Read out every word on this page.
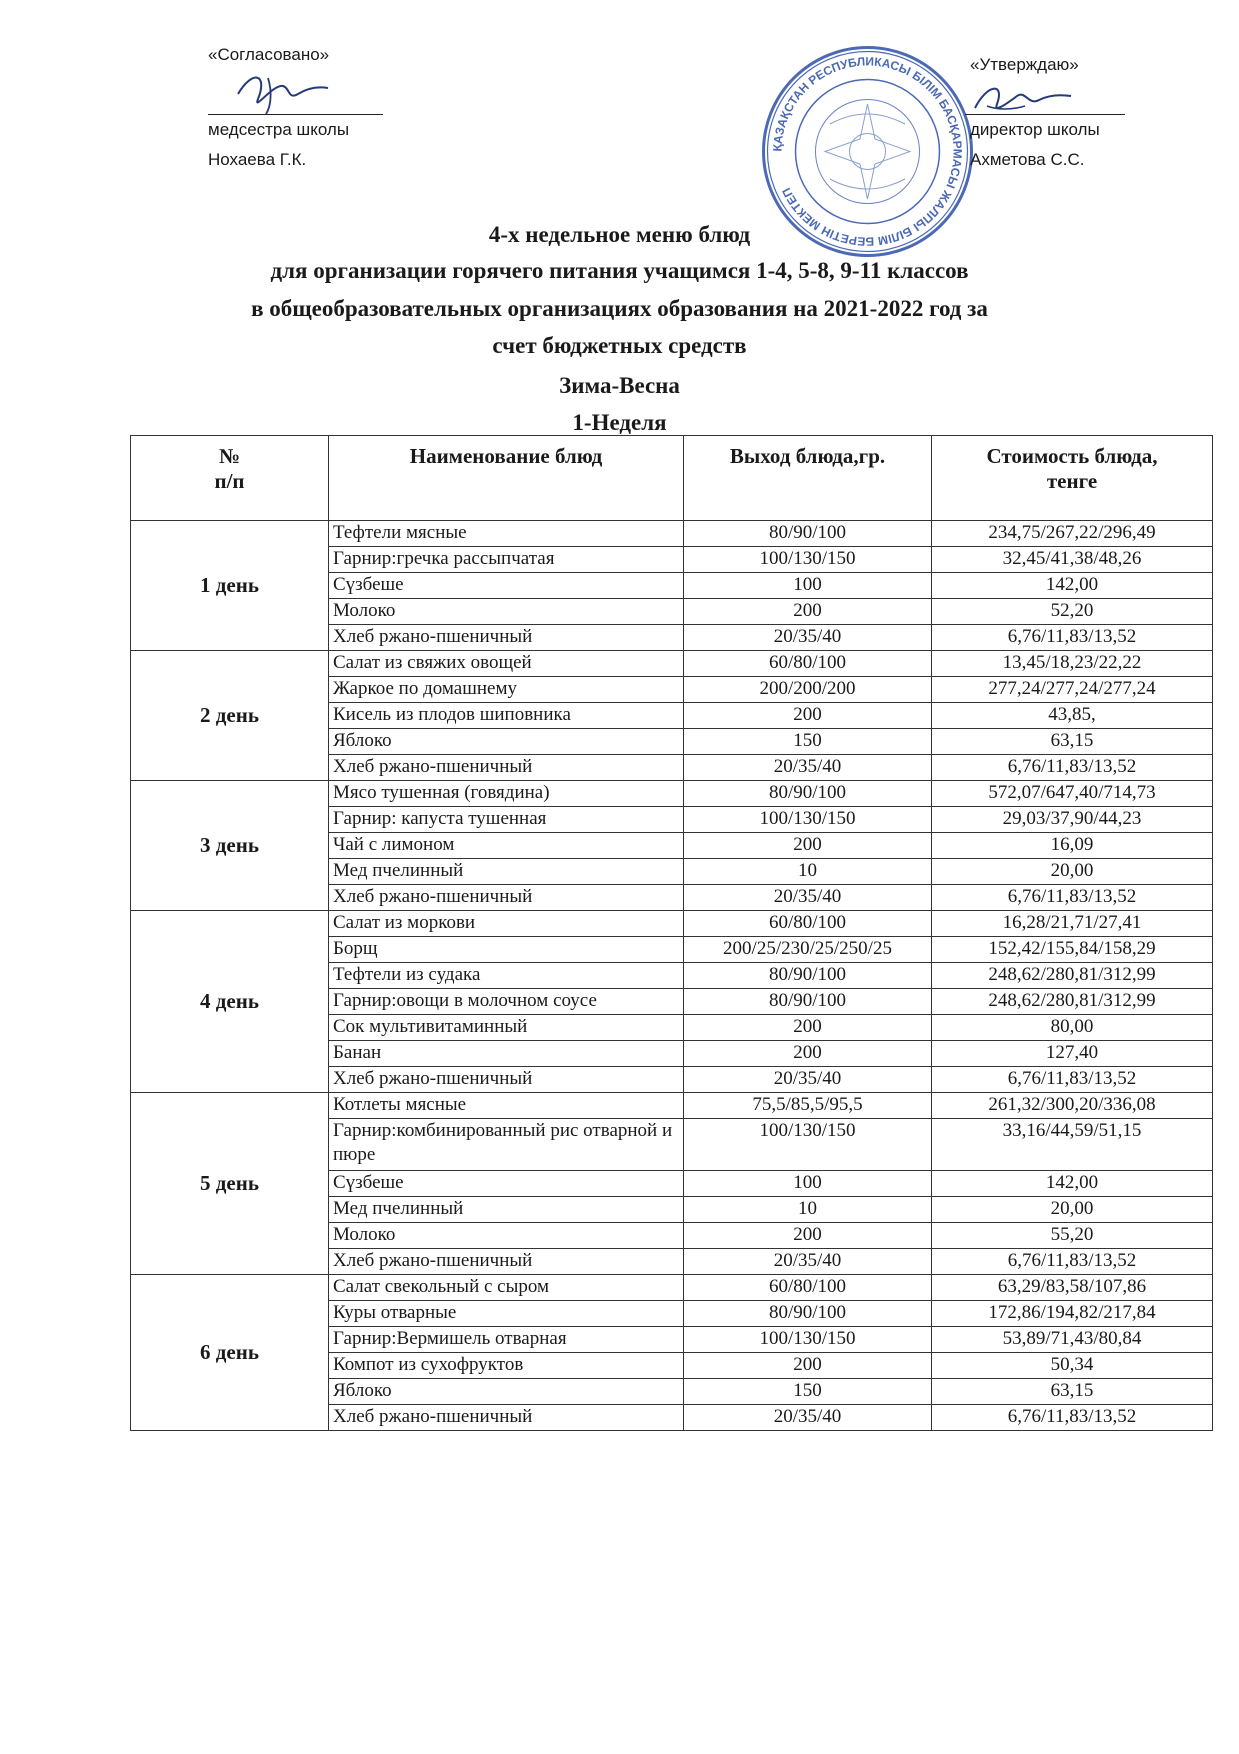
«Согласовано»
медсестра школы
Нохаева Г.К.
ҚАЗАҚСТАН РЕСПУБЛИКАСЫ БІЛІМ БАСҚАРМАСЫ ЖАЛПЫ БІЛІМ БЕРЕТІН МЕКТЕП
«Утверждаю»
директор школы
Ахметова С.С.
4-х недельное меню блюд
для организации горячего питания учащимся 1-4, 5-8, 9-11 классов
в общеобразовательных организациях образования на 2021-2022 год за
счет бюджетных средств
Зима-Весна
1-Неделя
№
п/п	Наименование блюд	Выход блюда,гр.	Стоимость блюда,
тенге
1 день	Тефтели мясные	80/90/100	234,75/267,22/296,49
	Гарнир:гречка рассыпчатая	100/130/150	32,45/41,38/48,26
	Сүзбеше	100	142,00
	Молоко	200	52,20
	Хлеб ржано-пшеничный	20/35/40	6,76/11,83/13,52
2 день	Салат из свяжих овощей	60/80/100	13,45/18,23/22,22
	Жаркое по домашнему	200/200/200	277,24/277,24/277,24
	Кисель из плодов шиповника	200	43,85,
	Яблоко	150	63,15
	Хлеб ржано-пшеничный	20/35/40	6,76/11,83/13,52
3 день	Мясо тушенная (говядина)	80/90/100	572,07/647,40/714,73
	Гарнир: капуста тушенная	100/130/150	29,03/37,90/44,23
	Чай с лимоном	200	16,09
	Мед пчелинный	10	20,00
	Хлеб ржано-пшеничный	20/35/40	6,76/11,83/13,52
4 день	Салат из моркови	60/80/100	16,28/21,71/27,41
	Борщ	200/25/230/25/250/25	152,42/155,84/158,29
	Тефтели из судака	80/90/100	248,62/280,81/312,99
	Гарнир:овощи в молочном соусе	80/90/100	248,62/280,81/312,99
	Сок мультивитаминный	200	80,00
	Банан	200	127,40
	Хлеб ржано-пшеничный	20/35/40	6,76/11,83/13,52
5 день	Котлеты мясные	75,5/85,5/95,5	261,32/300,20/336,08
	Гарнир:комбинированный рис отварной и пюре	100/130/150	33,16/44,59/51,15
	Сүзбеше	100	142,00
	Мед пчелинный	10	20,00
	Молоко	200	55,20
	Хлеб ржано-пшеничный	20/35/40	6,76/11,83/13,52
6 день	Салат свекольный с сыром	60/80/100	63,29/83,58/107,86
	Куры отварные	80/90/100	172,86/194,82/217,84
	Гарнир:Вермишель отварная	100/130/150	53,89/71,43/80,84
	Компот из сухофруктов	200	50,34
	Яблоко	150	63,15
	Хлеб ржано-пшеничный	20/35/40	6,76/11,83/13,52
